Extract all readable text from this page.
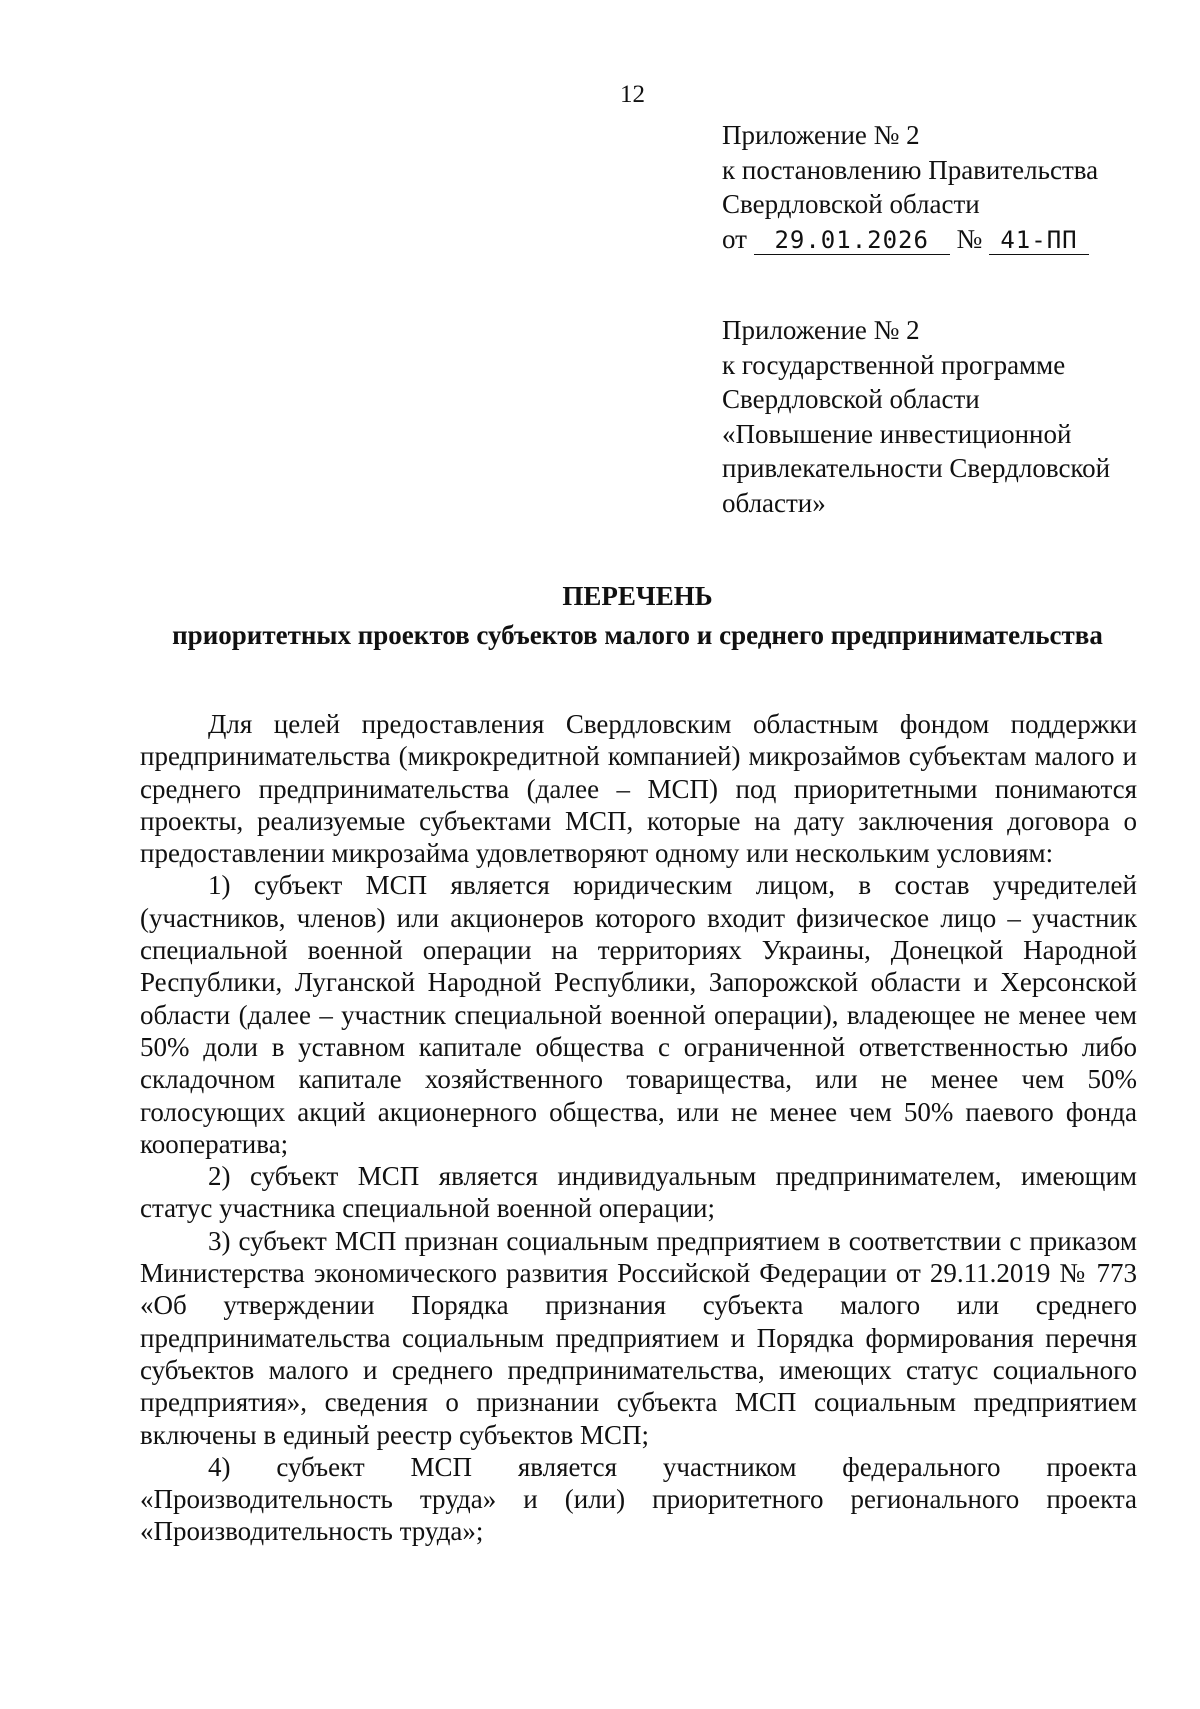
12
Приложение № 2
к постановлению Правительства
Свердловской области
от 29.01.2026 № 41-ПП
Приложение № 2
к государственной программе
Свердловской области
«Повышение инвестиционной
привлекательности Свердловской
области»
ПЕРЕЧЕНЬ
приоритетных проектов субъектов малого и среднего предпринимательства

Для целей предоставления Свердловским областным фондом поддержки предпринимательства (микрокредитной компанией) микрозаймов субъектам малого и среднего предпринимательства (далее – МСП) под приоритетными понимаются проекты, реализуемые субъектами МСП, которые на дату заключения договора о предоставлении микрозайма удовлетворяют одному или нескольким условиям:

1) субъект МСП является юридическим лицом, в состав учредителей (участников, членов) или акционеров которого входит физическое лицо – участник специальной военной операции на территориях Украины, Донецкой Народной Республики, Луганской Народной Республики, Запорожской области и Херсонской области (далее – участник специальной военной операции), владеющее не менее чем 50% доли в уставном капитале общества с ограниченной ответственностью либо складочном капитале хозяйственного товарищества, или не менее чем 50% голосующих акций акционерного общества, или не менее чем 50% паевого фонда кооператива;

2) субъект МСП является индивидуальным предпринимателем, имеющим статус участника специальной военной операции;

3) субъект МСП признан социальным предприятием в соответствии с приказом Министерства экономического развития Российской Федерации от 29.11.2019 № 773 «Об утверждении Порядка признания субъекта малого или среднего предпринимательства социальным предприятием и Порядка формирования перечня субъектов малого и среднего предпринимательства, имеющих статус социального предприятия», сведения о признании субъекта МСП социальным предприятием включены в единый реестр субъектов МСП;

4) субъект МСП является участником федерального проекта «Производительность труда» и (или) приоритетного регионального проекта «Производительность труда»;
